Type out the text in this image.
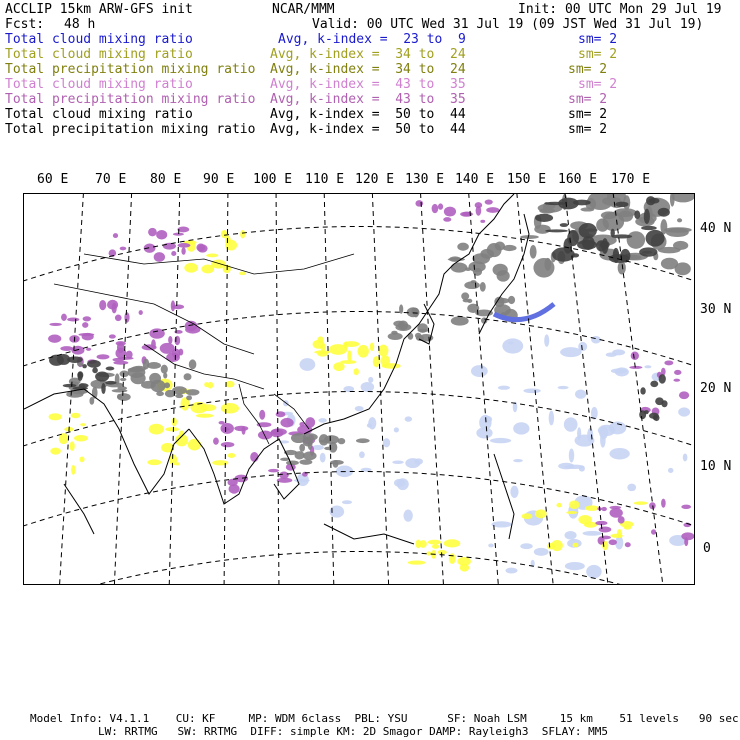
ACCLIP 15km ARW-GFS init	NCAR/MMM	Init: 00 UTC Mon 29 Jul 19
Fcst: 48 h	Valid: 00 UTC Wed 31 Jul 19 (09 JST Wed 31 Jul 19)
Total cloud mixing ratio	Avg, k-index =  23 to  9	sm= 2
Total cloud mixing ratio	Avg, k-index =  34 to  24	sm= 2
Total precipitation mixing ratio Avg, k-index =  34 to  24	sm= 2
Total cloud mixing ratio	Avg, k-index =  43 to  35	sm= 2
Total precipitation mixing ratio Avg, k-index =  43 to  35	sm= 2
Total cloud mixing ratio	Avg, k-index =  50 to  44	sm= 2
Total precipitation mixing ratio Avg, k-index =  50 to  44	sm= 2
60 E 70 E 80 E 90 E 100 E 110 E 120 E 130 E 140 E 150 E 160 E 170 E
40 N
30 N
20 N
10 N
0
Model Info: V4.1.1    CU: KF     MP: WDM 6class  PBL: YSU      SF: Noah LSM     15 km    51 levels   90 sec
LW: RRTMG   SW: RRTMG  DIFF: simple KM: 2D Smagor DAMP: Rayleigh3  SFLAY: MM5
